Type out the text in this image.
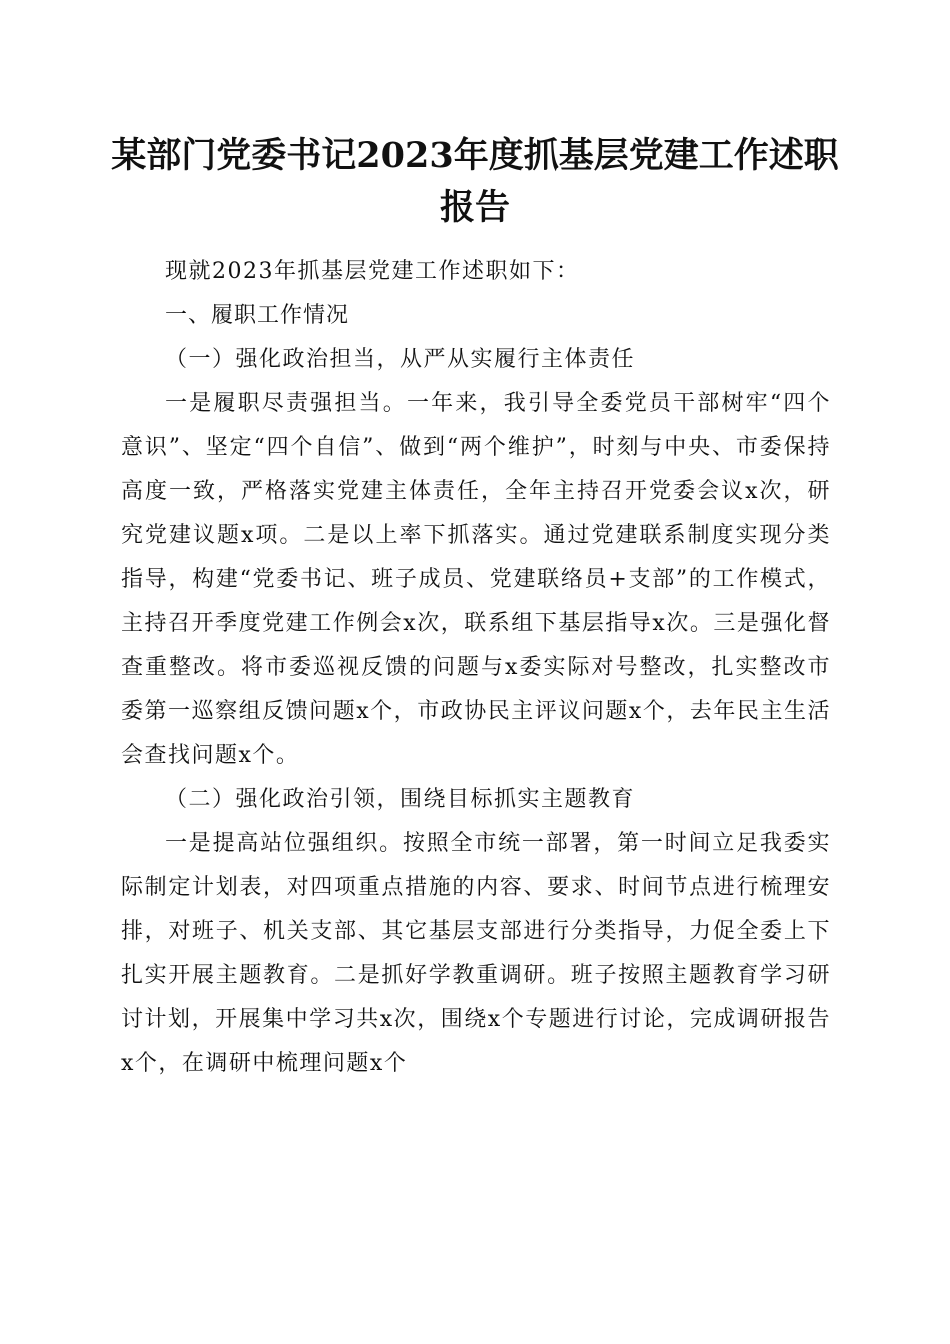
某部门党委书记2023年度抓基层党建工作述职报告

现就2023年抓基层党建工作述职如下：

一、履职工作情况

（一）强化政治担当，从严从实履行主体责任

一是履职尽责强担当。一年来，我引导全委党员干部树牢“四个意识”、坚定“四个自信”、做到“两个维护”，时刻与中央、市委保持高度一致，严格落实党建主体责任，全年主持召开党委会议x次，研究党建议题x项。二是以上率下抓落实。通过党建联系制度实现分类指导，构建“党委书记、班子成员、党建联络员+支部”的工作模式，主持召开季度党建工作例会x次，联系组下基层指导x次。三是强化督查重整改。将市委巡视反馈的问题与x委实际对号整改，扎实整改市委第一巡察组反馈问题x个，市政协民主评议问题x个，去年民主生活会查找问题x个。

（二）强化政治引领，围绕目标抓实主题教育

一是提高站位强组织。按照全市统一部署，第一时间立足我委实际制定计划表，对四项重点措施的内容、要求、时间节点进行梳理安排，对班子、机关支部、其它基层支部进行分类指导，力促全委上下扎实开展主题教育。二是抓好学教重调研。班子按照主题教育学习研讨计划，开展集中学习共x次，围绕x个专题进行讨论，完成调研报告x个，在调研中梳理问题x个
